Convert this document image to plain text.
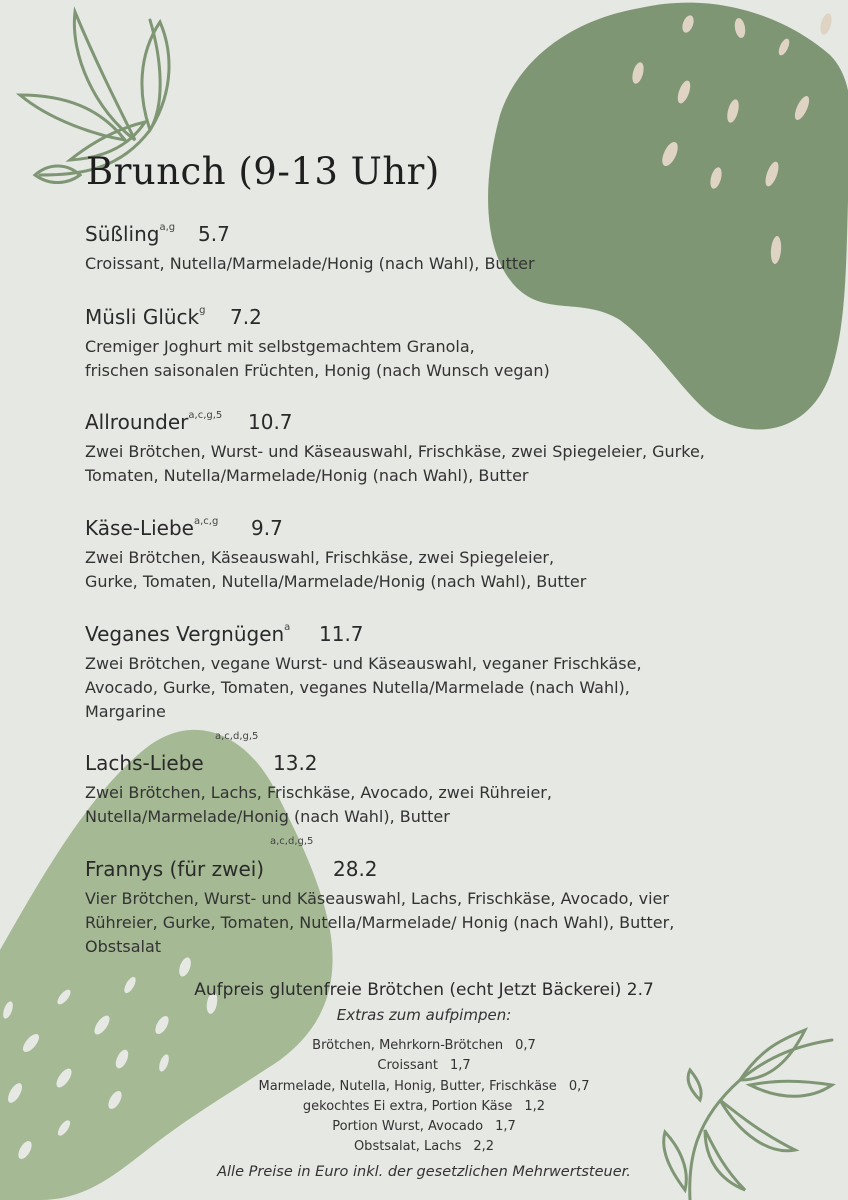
Brunch (9-13 Uhr)
Süßling$^{a,g}$ 5.7
Croissant, Nutella/Marmelade/Honig (nach Wahl), Butter
Müsli Glück$^g$ 7.2
Cremiger Joghurt mit selbstgemachtem Granola,
frischen saisonalen Früchten, Honig (nach Wunsch vegan)
Allrounder$^{a,c,g,5}$ 10.7
Zwei Brötchen, Wurst- und Käseauswahl, Frischkäse, zwei Spiegeleier, Gurke,
Tomaten, Nutella/Marmelade/Honig (nach Wahl), Butter
Käse-Liebe$^{a,c,g}$ 9.7
Zwei Brötchen, Käseauswahl, Frischkäse, zwei Spiegeleier,
Gurke, Tomaten, Nutella/Marmelade/Honig (nach Wahl), Butter
Veganes Vergnügen$^a$ 11.7
Zwei Brötchen, vegane Wurst- und Käseauswahl, veganer Frischkäse,
Avocado, Gurke, Tomaten, veganes Nutella/Marmelade (nach Wahl),
Margarine
a,c,d,g,5
Lachs-Liebe	13.2
Zwei Brötchen, Lachs, Frischkäse, Avocado, zwei Rühreier,
Nutella/Marmelade/Honig (nach Wahl), Butter
a,c,d,g,5
Frannys (für zwei)	28.2
Vier Brötchen, Wurst- und Käseauswahl, Lachs, Frischkäse, Avocado, vier
Rühreier, Gurke, Tomaten, Nutella/Marmelade/ Honig (nach Wahl), Butter,
Obstsalat
Aufpreis glutenfreie Brötchen (echt Jetzt Bäckerei) 2.7
Extras zum aufpimpen:
Brötchen, Mehrkorn-Brötchen 0,7
Croissant 1,7
Marmelade, Nutella, Honig, Butter, Frischkäse 0,7
gekochtes Ei extra, Portion Käse 1,2
Portion Wurst, Avocado 1,7
Obstsalat, Lachs 2,2
Alle Preise in Euro inkl. der gesetzlichen Mehrwertsteuer.
